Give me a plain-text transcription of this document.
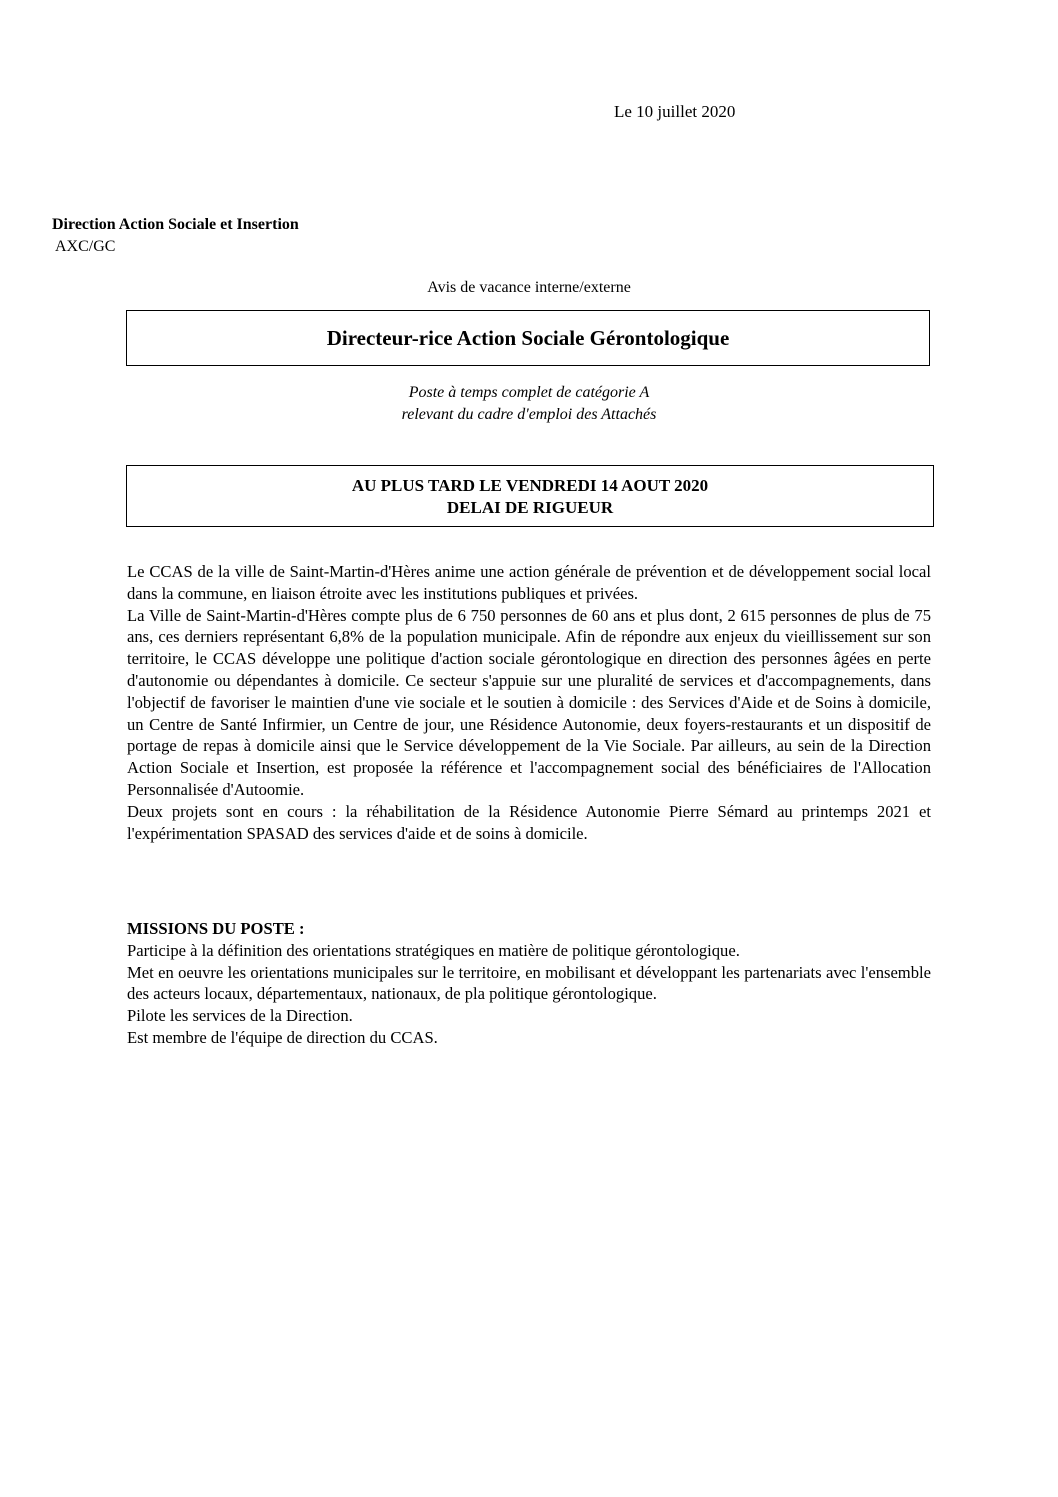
Le 10 juillet 2020
Direction Action Sociale et Insertion
AXC/GC
Avis de vacance interne/externe
Directeur-rice Action Sociale Gérontologique
Poste à temps complet de catégorie A
relevant du cadre d'emploi des Attachés
AU PLUS TARD LE VENDREDI 14 AOUT 2020
DELAI DE RIGUEUR

Le CCAS de la ville de Saint-Martin-d'Hères anime une action générale de prévention et de développement social local dans la commune, en liaison étroite avec les institutions publiques et privées.

La Ville de Saint-Martin-d'Hères compte plus de 6 750 personnes de 60 ans et plus dont, 2 615 personnes de plus de 75 ans, ces derniers représentant 6,8% de la population municipale. Afin de répondre aux enjeux du vieillissement sur son territoire, le CCAS développe une politique d'action sociale gérontologique en direction des personnes âgées en perte d'autonomie ou dépendantes à domicile. Ce secteur s'appuie sur une pluralité de services et d'accompagnements, dans l'objectif de favoriser le maintien d'une vie sociale et le soutien à domicile : des Services d'Aide et de Soins à domicile, un Centre de Santé Infirmier, un Centre de jour, une Résidence Autonomie, deux foyers-restaurants et un dispositif de portage de repas à domicile ainsi que le Service développement de la Vie Sociale. Par ailleurs, au sein de la Direction Action Sociale et Insertion, est proposée la référence et l'accompagnement social des bénéficiaires de l'Allocation Personnalisée d'Autoomie.

Deux projets sont en cours : la réhabilitation de la Résidence Autonomie Pierre Sémard au printemps 2021 et l'expérimentation SPASAD des services d'aide et de soins à domicile.

MISSIONS DU POSTE :

Participe à la définition des orientations stratégiques en matière de politique gérontologique.

Met en oeuvre les orientations municipales sur le territoire, en mobilisant et développant les partenariats avec l'ensemble des acteurs locaux, départementaux, nationaux, de pla politique gérontologique.

Pilote les services de la Direction.

Est membre de l'équipe de direction du CCAS.
